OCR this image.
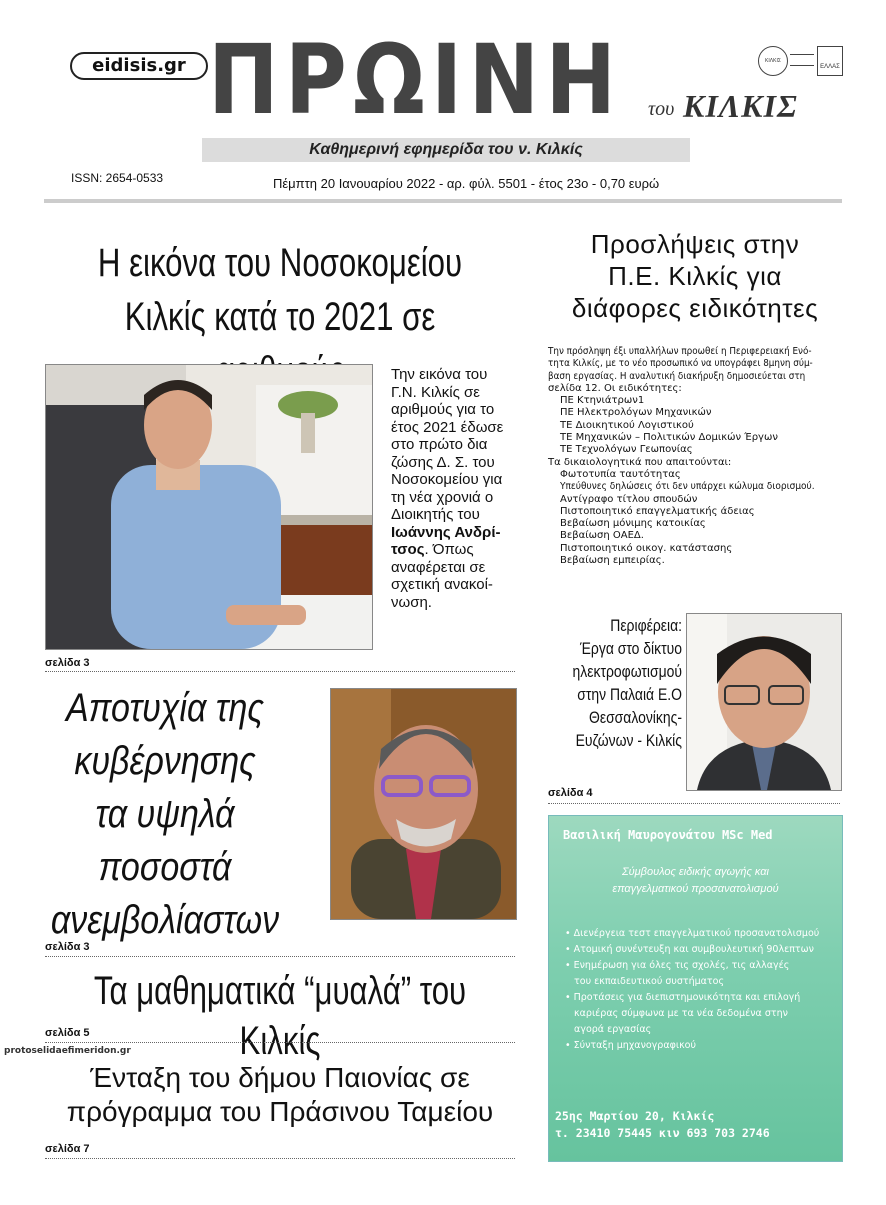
eidisis.gr ΠΡΩΙΝΗ του ΚΙΛΚΙΣ
ΚΙΛΚΙΣ
ΕΛΛΑΣ
Καθημερινή εφημερίδα του ν. Κιλκίς
ISSN: 2654-0533	Πέμπτη 20 Ιανουαρίου 2022 - αρ. φύλ. 5501 - έτος 23ο - 0,70 ευρώ
Η εικόνα του Νοσοκομείου
Κιλκίς κατά το 2021 σε
Την εικόνα του
Γ.Ν. Κιλκίς σε
αριθμούς για το
έτος 2021 έδωσε
στο πρώτο δια
ζώσης Δ. Σ. του
Νοσοκομείου για
τη νέα χρονιά ο
Διοικητής του
Ιωάννης Ανδρί-
τσος. Όπως
αναφέρεται σε
σχετική ανακοί-
νωση.
σελίδα 3
Αποτυχία της
κυβέρνησης
τα υψηλά
ποσοστά
ανεμβολίαστων
σελίδα 3
Τα μαθηματικά “μυαλά” του Κιλκίς
σελίδα 5
protoselidaefimeridon.gr
Ένταξη του δήμου Παιονίας σε
πρόγραμμα του Πράσινου Ταμείου
σελίδα 7
Προσλήψεις στην
Π.Ε. Κιλκίς για
διάφορες ειδικότητες
Την πρόσληψη έξι υπαλλήλων προωθεί η Περιφερειακή Ενό-
τητα Κιλκίς, με το νέο προσωπικό να υπογράφει 8μηνη σύμ-
βαση εργασίας. Η αναλυτική διακήρυξη δημοσιεύεται στη
σελίδα 12. Οι ειδικότητες:
ΠΕ Κτηνιάτρων1
ΠΕ Ηλεκτρολόγων Μηχανικών
ΤΕ Διοικητικού Λογιστικού
ΤΕ Μηχανικών – Πολιτικών Δομικών Έργων
ΤΕ Τεχνολόγων Γεωπονίας
Τα δικαιολογητικά που απαιτούνται:
Φωτοτυπία ταυτότητας
Υπεύθυνες δηλώσεις ότι δεν υπάρχει κώλυμα διορισμού.
Αντίγραφο τίτλου σπουδών
Πιστοποιητικό επαγγελματικής άδειας
Βεβαίωση μόνιμης κατοικίας
Βεβαίωση ΟΑΕΔ.
Πιστοποιητικό οικογ. κατάστασης
Βεβαίωση εμπειρίας.
Περιφέρεια:
Έργα στο δίκτυο
ηλεκτροφωτισμού
στην Παλαιά Ε.Ο
Θεσσαλονίκης-
Ευζώνων - Κιλκίς
σελίδα 4
Βασιλική Μαυρογονάτου MSc Med
Σύμβουλος ειδικής αγωγής και
επαγγελματικού προσανατολισμού
• Διενέργεια τεστ επαγγελματικού προσανατολισμού
• Ατομική συνέντευξη και συμβουλευτική 90λεπτων
• Ενημέρωση για όλες τις σχολές, τις αλλαγές
του εκπαιδευτικού συστήματος
• Προτάσεις για διεπιστημονικότητα και επιλογή
καριέρας σύμφωνα με τα νέα δεδομένα στην
αγορά εργασίας
• Σύνταξη μηχανογραφικού
25ης Μαρτίου 20, Κιλκίς
τ. 23410 75445 κιν 693 703 2746
